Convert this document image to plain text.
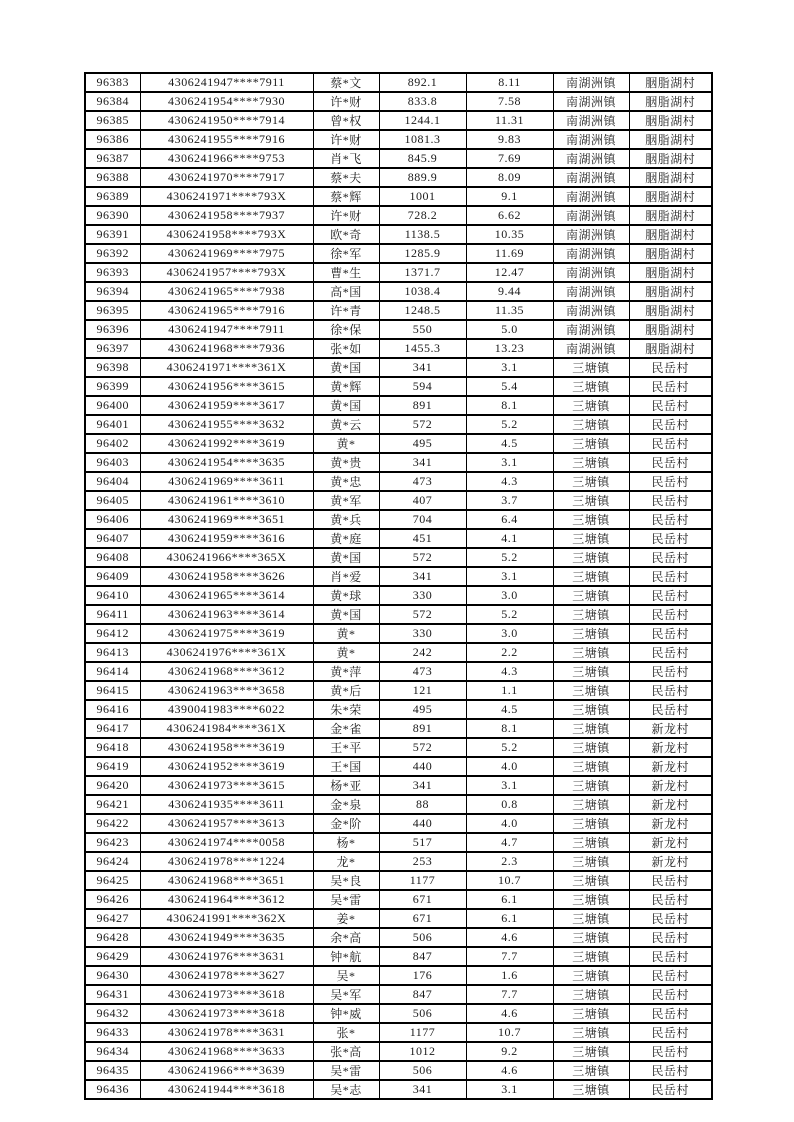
96383	4306241947****7911	蔡*文	892.1	8.11	南湖洲镇	胭脂湖村
96384	4306241954****7930	许*财	833.8	7.58	南湖洲镇	胭脂湖村
96385	4306241950****7914	曾*权	1244.1	11.31	南湖洲镇	胭脂湖村
96386	4306241955****7916	许*财	1081.3	9.83	南湖洲镇	胭脂湖村
96387	4306241966****9753	肖*飞	845.9	7.69	南湖洲镇	胭脂湖村
96388	4306241970****7917	蔡*夫	889.9	8.09	南湖洲镇	胭脂湖村
96389	4306241971****793X	蔡*辉	1001	9.1	南湖洲镇	胭脂湖村
96390	4306241958****7937	许*财	728.2	6.62	南湖洲镇	胭脂湖村
96391	4306241958****793X	欧*奇	1138.5	10.35	南湖洲镇	胭脂湖村
96392	4306241969****7975	徐*军	1285.9	11.69	南湖洲镇	胭脂湖村
96393	4306241957****793X	曹*生	1371.7	12.47	南湖洲镇	胭脂湖村
96394	4306241965****7938	高*国	1038.4	9.44	南湖洲镇	胭脂湖村
96395	4306241965****7916	许*青	1248.5	11.35	南湖洲镇	胭脂湖村
96396	4306241947****7911	徐*保	550	5.0	南湖洲镇	胭脂湖村
96397	4306241968****7936	张*如	1455.3	13.23	南湖洲镇	胭脂湖村
96398	4306241971****361X	黄*国	341	3.1	三塘镇	民岳村
96399	4306241956****3615	黄*辉	594	5.4	三塘镇	民岳村
96400	4306241959****3617	黄*国	891	8.1	三塘镇	民岳村
96401	4306241955****3632	黄*云	572	5.2	三塘镇	民岳村
96402	4306241992****3619	黄*	495	4.5	三塘镇	民岳村
96403	4306241954****3635	黄*贵	341	3.1	三塘镇	民岳村
96404	4306241969****3611	黄*忠	473	4.3	三塘镇	民岳村
96405	4306241961****3610	黄*军	407	3.7	三塘镇	民岳村
96406	4306241969****3651	黄*兵	704	6.4	三塘镇	民岳村
96407	4306241959****3616	黄*庭	451	4.1	三塘镇	民岳村
96408	4306241966****365X	黄*国	572	5.2	三塘镇	民岳村
96409	4306241958****3626	肖*爱	341	3.1	三塘镇	民岳村
96410	4306241965****3614	黄*球	330	3.0	三塘镇	民岳村
96411	4306241963****3614	黄*国	572	5.2	三塘镇	民岳村
96412	4306241975****3619	黄*	330	3.0	三塘镇	民岳村
96413	4306241976****361X	黄*	242	2.2	三塘镇	民岳村
96414	4306241968****3612	黄*萍	473	4.3	三塘镇	民岳村
96415	4306241963****3658	黄*后	121	1.1	三塘镇	民岳村
96416	4390041983****6022	朱*荣	495	4.5	三塘镇	民岳村
96417	4306241984****361X	金*雀	891	8.1	三塘镇	新龙村
96418	4306241958****3619	王*平	572	5.2	三塘镇	新龙村
96419	4306241952****3619	王*国	440	4.0	三塘镇	新龙村
96420	4306241973****3615	杨*亚	341	3.1	三塘镇	新龙村
96421	4306241935****3611	金*泉	88	0.8	三塘镇	新龙村
96422	4306241957****3613	金*阶	440	4.0	三塘镇	新龙村
96423	4306241974****0058	杨*	517	4.7	三塘镇	新龙村
96424	4306241978****1224	龙*	253	2.3	三塘镇	新龙村
96425	4306241968****3651	吴*良	1177	10.7	三塘镇	民岳村
96426	4306241964****3612	吴*雷	671	6.1	三塘镇	民岳村
96427	4306241991****362X	姜*	671	6.1	三塘镇	民岳村
96428	4306241949****3635	余*高	506	4.6	三塘镇	民岳村
96429	4306241976****3631	钟*航	847	7.7	三塘镇	民岳村
96430	4306241978****3627	吴*	176	1.6	三塘镇	民岳村
96431	4306241973****3618	吴*军	847	7.7	三塘镇	民岳村
96432	4306241973****3618	钟*威	506	4.6	三塘镇	民岳村
96433	4306241978****3631	张*	1177	10.7	三塘镇	民岳村
96434	4306241968****3633	张*高	1012	9.2	三塘镇	民岳村
96435	4306241966****3639	吴*雷	506	4.6	三塘镇	民岳村
96436	4306241944****3618	吴*志	341	3.1	三塘镇	民岳村
